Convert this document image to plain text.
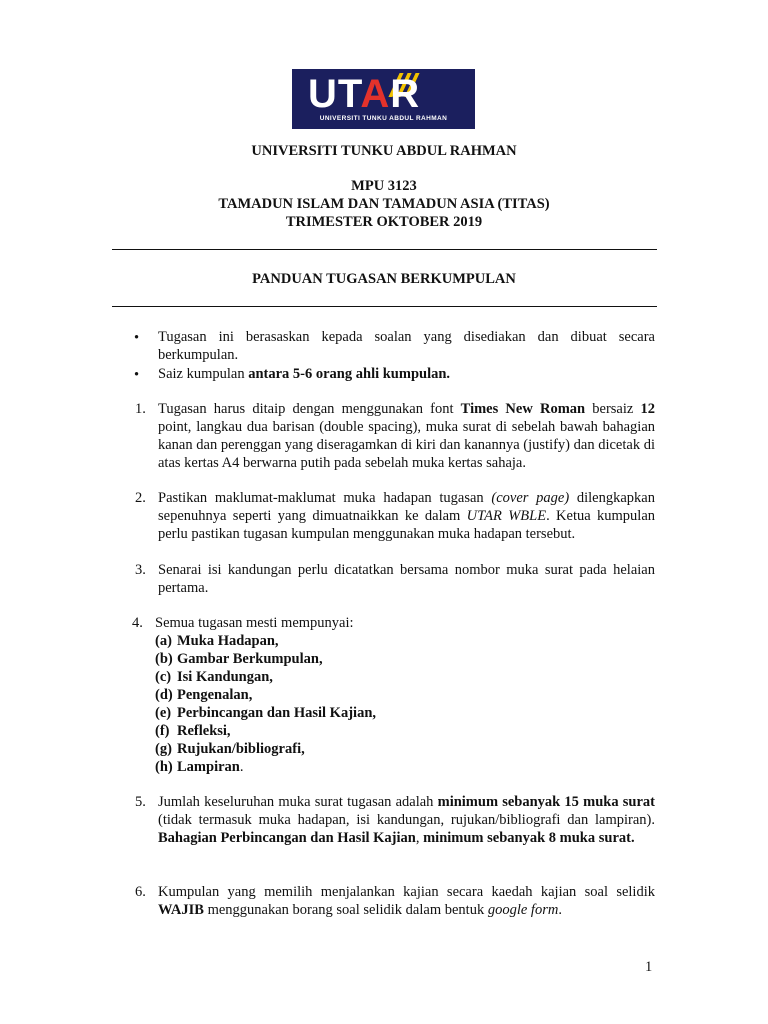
UTAR
UNIVERSITI TUNKU ABDUL RAHMAN
UNIVERSITI TUNKU ABDUL RAHMAN
MPU 3123
TAMADUN ISLAM DAN TAMADUN ASIA (TITAS)
TRIMESTER OKTOBER 2019
PANDUAN TUGASAN BERKUMPULAN
• Tugasan ini berasaskan kepada soalan yang disediakan dan dibuat secara berkumpulan.
• Saiz kumpulan antara 5-6 orang ahli kumpulan.
1. Tugasan harus ditaip dengan menggunakan font Times New Roman bersaiz 12 point, langkau dua barisan (double spacing), muka surat di sebelah bawah bahagian kanan dan perenggan yang diseragamkan di kiri dan kanannya (justify) dan dicetak di atas kertas A4 berwarna putih pada sebelah muka kertas sahaja.
2. Pastikan maklumat-maklumat muka hadapan tugasan (cover page) dilengkapkan sepenuhnya seperti yang dimuatnaikkan ke dalam UTAR WBLE. Ketua kumpulan perlu pastikan tugasan kumpulan menggunakan muka hadapan tersebut.
3. Senarai isi kandungan perlu dicatatkan bersama nombor muka surat pada helaian pertama.
4. Semua tugasan mesti mempunyai:
(a) Muka Hadapan,
(b) Gambar Berkumpulan,
(c) Isi Kandungan,
(d) Pengenalan,
(e) Perbincangan dan Hasil Kajian,
(f) Refleksi,
(g) Rujukan/bibliografi,
(h) Lampiran.
5. Jumlah keseluruhan muka surat tugasan adalah minimum sebanyak 15 muka surat (tidak termasuk muka hadapan, isi kandungan, rujukan/bibliografi dan lampiran). Bahagian Perbincangan dan Hasil Kajian, minimum sebanyak 8 muka surat.
6. Kumpulan yang memilih menjalankan kajian secara kaedah kajian soal selidik WAJIB menggunakan borang soal selidik dalam bentuk google form.
1
